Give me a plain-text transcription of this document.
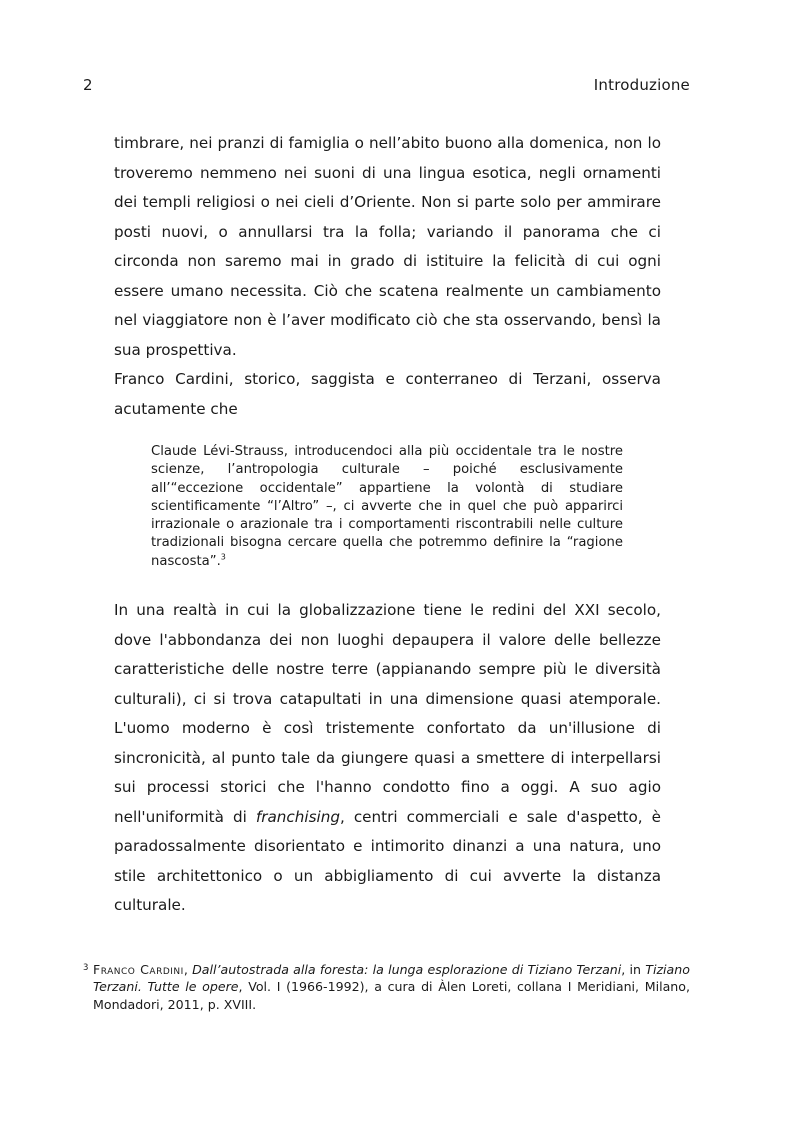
2	Introduzione

timbrare, nei pranzi di famiglia o nell’abito buono alla domenica, non lo troveremo nemmeno nei suoni di una lingua esotica, negli ornamenti dei templi religiosi o nei cieli d’Oriente. Non si parte solo per ammirare posti nuovi, o annullarsi tra la folla; variando il panorama che ci circonda non saremo mai in grado di istituire la felicità di cui ogni essere umano necessita. Ciò che scatena realmente un cambiamento nel viaggiatore non è l’aver modificato ciò che sta osservando, bensì la sua prospettiva.

Franco Cardini, storico, saggista e conterraneo di Terzani, osserva acutamente che

Claude Lévi-Strauss, introducendoci alla più occidentale tra le nostre scienze, l’antropologia culturale – poiché esclusivamente all’“eccezione occidentale” appartiene la volontà di studiare scientificamente “l’Altro” –, ci avverte che in quel che può apparirci irrazionale o arazionale tra i comportamenti riscontrabili nelle culture tradizionali bisogna cercare quella che potremmo definire la “ragione nascosta”.$^3$

In una realtà in cui la globalizzazione tiene le redini del XXI secolo, dove l'abbondanza dei non luoghi depaupera il valore delle bellezze caratteristiche delle nostre terre (appianando sempre più le diversità culturali), ci si trova catapultati in una dimensione quasi atemporale. L'uomo moderno è così tristemente confortato da un'illusione di sincronicità, al punto tale da giungere quasi a smettere di interpellarsi sui processi storici che l'hanno condotto fino a oggi. A suo agio nell'uniformità di franchising, centri commerciali e sale d'aspetto, è paradossalmente disorientato e intimorito dinanzi a una natura, uno stile architettonico o un abbigliamento di cui avverte la distanza culturale.

3 Franco Cardini, Dall’autostrada alla foresta: la lunga esplorazione di Tiziano Terzani, in Tiziano Terzani. Tutte le opere, Vol. I (1966-1992), a cura di Àlen Loreti, collana I Meridiani, Milano, Mondadori, 2011, p. XVIII.
